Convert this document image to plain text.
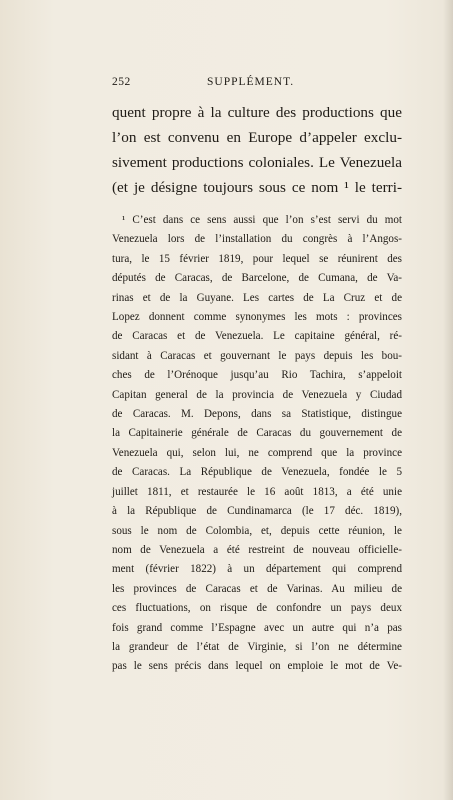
252	SUPPLÉMENT.
quent propre à la culture des productions que
l’on est convenu en Europe d’appeler exclu-
sivement productions coloniales. Le Venezuela
(et je désigne toujours sous ce nom ¹ le terri-
¹ C’est dans ce sens aussi que l’on s’est servi du mot
Venezuela lors de l’installation du congrès à l’Angos-
tura, le 15 février 1819, pour lequel se réunirent des
députés de Caracas, de Barcelone, de Cumana, de Va-
rinas et de la Guyane. Les cartes de La Cruz et de
Lopez donnent comme synonymes les mots : provinces
de Caracas et de Venezuela. Le capitaine général, ré-
sidant à Caracas et gouvernant le pays depuis les bou-
ches de l’Orénoque jusqu’au Rio Tachira, s’appeloit
Capitan general de la provincia de Venezuela y Ciudad
de Caracas. M. Depons, dans sa Statistique, distingue
la Capitainerie générale de Caracas du gouvernement de
Venezuela qui, selon lui, ne comprend que la province
de Caracas. La République de Venezuela, fondée le 5
juillet 1811, et restaurée le 16 août 1813, a été unie
à la République de Cundinamarca (le 17 déc. 1819),
sous le nom de Colombia, et, depuis cette réunion, le
nom de Venezuela a été restreint de nouveau officielle-
ment (février 1822) à un département qui comprend
les provinces de Caracas et de Varinas. Au milieu de
ces fluctuations, on risque de confondre un pays deux
fois grand comme l’Espagne avec un autre qui n’a pas
la grandeur de l’état de Virginie, si l’on ne détermine
pas le sens précis dans lequel on emploie le mot de Ve-
